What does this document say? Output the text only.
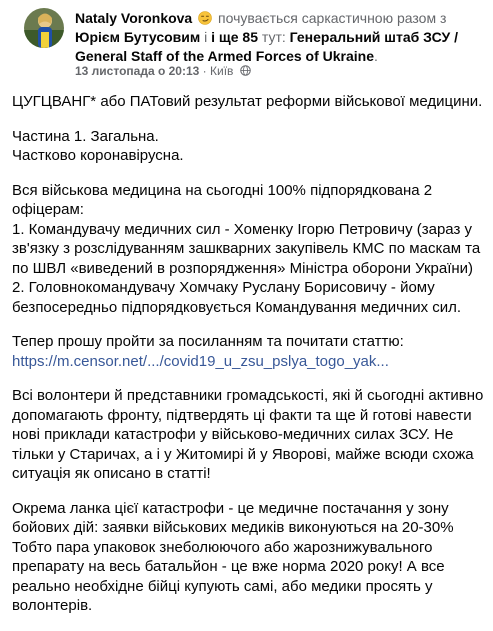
Nataly Voronkova почувається саркастичною разом з Юрієм Бутусовим і і ще 85 тут: Генеральний штаб ЗСУ / General Staff of the Armed Forces of Ukraine.
13 листопада о 20:13 · Київ

ЦУГЦВАНГ* або ПАТовий результат реформи військової медицини.

Частина 1. Загальна.
Частково коронавірусна.

Вся військова медицина на сьогодні 100% підпорядкована 2 офіцерам:
1. Командувачу медичних сил - Хоменку Ігорю Петровичу (зараз у зв'язку з розслідуванням зашкварних закупівель КМС по маскам та по ШВЛ «виведений в розпорядження» Міністра оборони України)
2. Головнокомандувачу Хомчаку Руслану Борисовичу - йому безпосередньо підпорядковується Командування медичних сил.

Тепер прошу пройти за посиланням та почитати статтю:
https://m.censor.net/.../covid19_u_zsu_pslya_togo_yak...

Всі волонтери й представники громадськості, які й сьогодні активно допомагають фронту, підтвердять ці факти та ще й готові навести нові приклади катастрофи у військово-медичних силах ЗСУ. Не тільки у Старичах, а і у Житомирі й у Яворові, майже всюди схожа ситуація як описано в статті!

Окрема ланка цієї катастрофи - це медичне постачання у зону бойових дій: заявки військових медиків виконуються на 20-30% Тобто пара упаковок знеболюючого або жарознижувального препарату на весь батальйон - це вже норма 2020 року! А все реально необхідне бійці купують самі, або медики просять у волонтерів.
